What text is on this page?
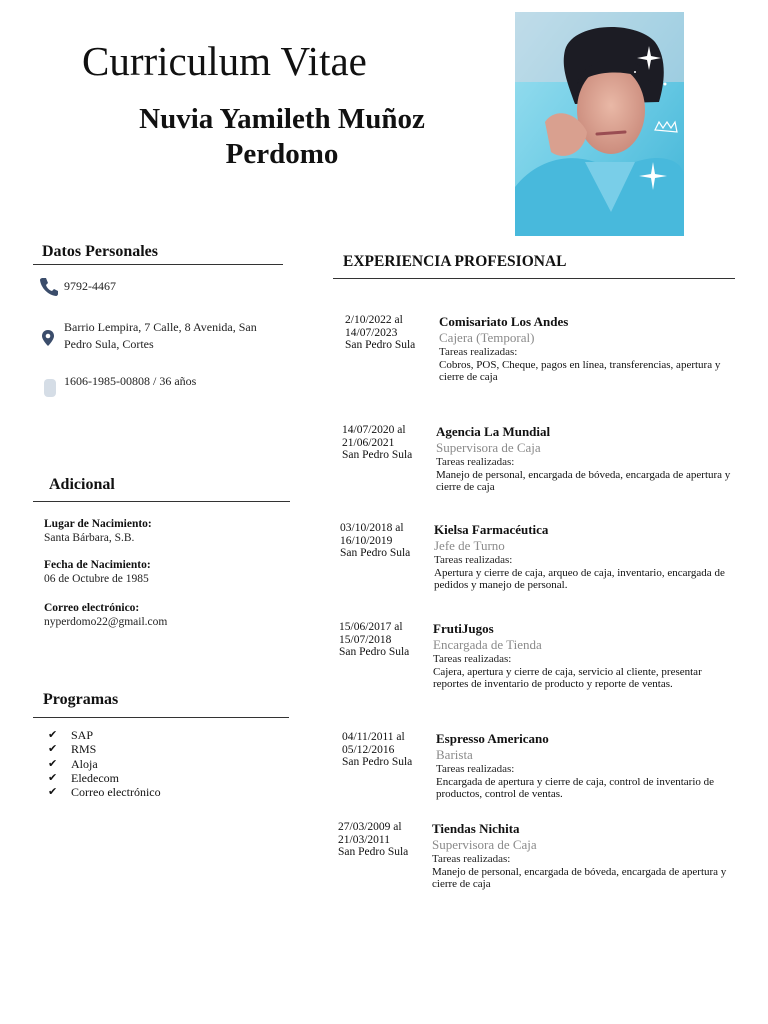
Curriculum Vitae
Nuvia Yamileth Muñoz Perdomo
Datos Personales
9792-4467
Barrio Lempira, 7 Calle, 8 Avenida, San Pedro Sula, Cortes
1606-1985-00808 / 36 años
Adicional
Lugar de Nacimiento:
Santa Bárbara, S.B.
Fecha de Nacimiento:
06 de Octubre de 1985
Correo electrónico:
nyperdomo22@gmail.com
Programas
✔	SAP
✔	RMS
✔	Aloja
✔	Eledecom
✔	Correo electrónico
EXPERIENCIA PROFESIONAL
2/10/2022 al
14/07/2023
San Pedro Sula
Comisariato Los Andes
Cajera (Temporal)
Tareas realizadas:
Cobros, POS, Cheque, pagos en línea, transferencias, apertura y cierre de caja
14/07/2020 al
21/06/2021
San Pedro Sula
Agencia La Mundial
Supervisora de Caja
Tareas realizadas:
Manejo de personal, encargada de bóveda, encargada de apertura y cierre de caja
03/10/2018 al
16/10/2019
San Pedro Sula
Kielsa Farmacéutica
Jefe de Turno
Tareas realizadas:
Apertura y cierre de caja, arqueo de caja, inventario, encargada de pedidos y manejo de personal.
15/06/2017 al
15/07/2018
San Pedro Sula
FrutiJugos
Encargada de Tienda
Tareas realizadas:
Cajera, apertura y cierre de caja, servicio al cliente, presentar reportes de inventario de producto y reporte de ventas.
04/11/2011 al
05/12/2016
San Pedro Sula
Espresso Americano
Barista
Tareas realizadas:
Encargada de apertura y cierre de caja, control de inventario de productos, control de ventas.
27/03/2009 al
21/03/2011
San Pedro Sula
Tiendas Nichita
Supervisora de Caja
Tareas realizadas:
Manejo de personal, encargada de bóveda, encargada de apertura y cierre de caja
